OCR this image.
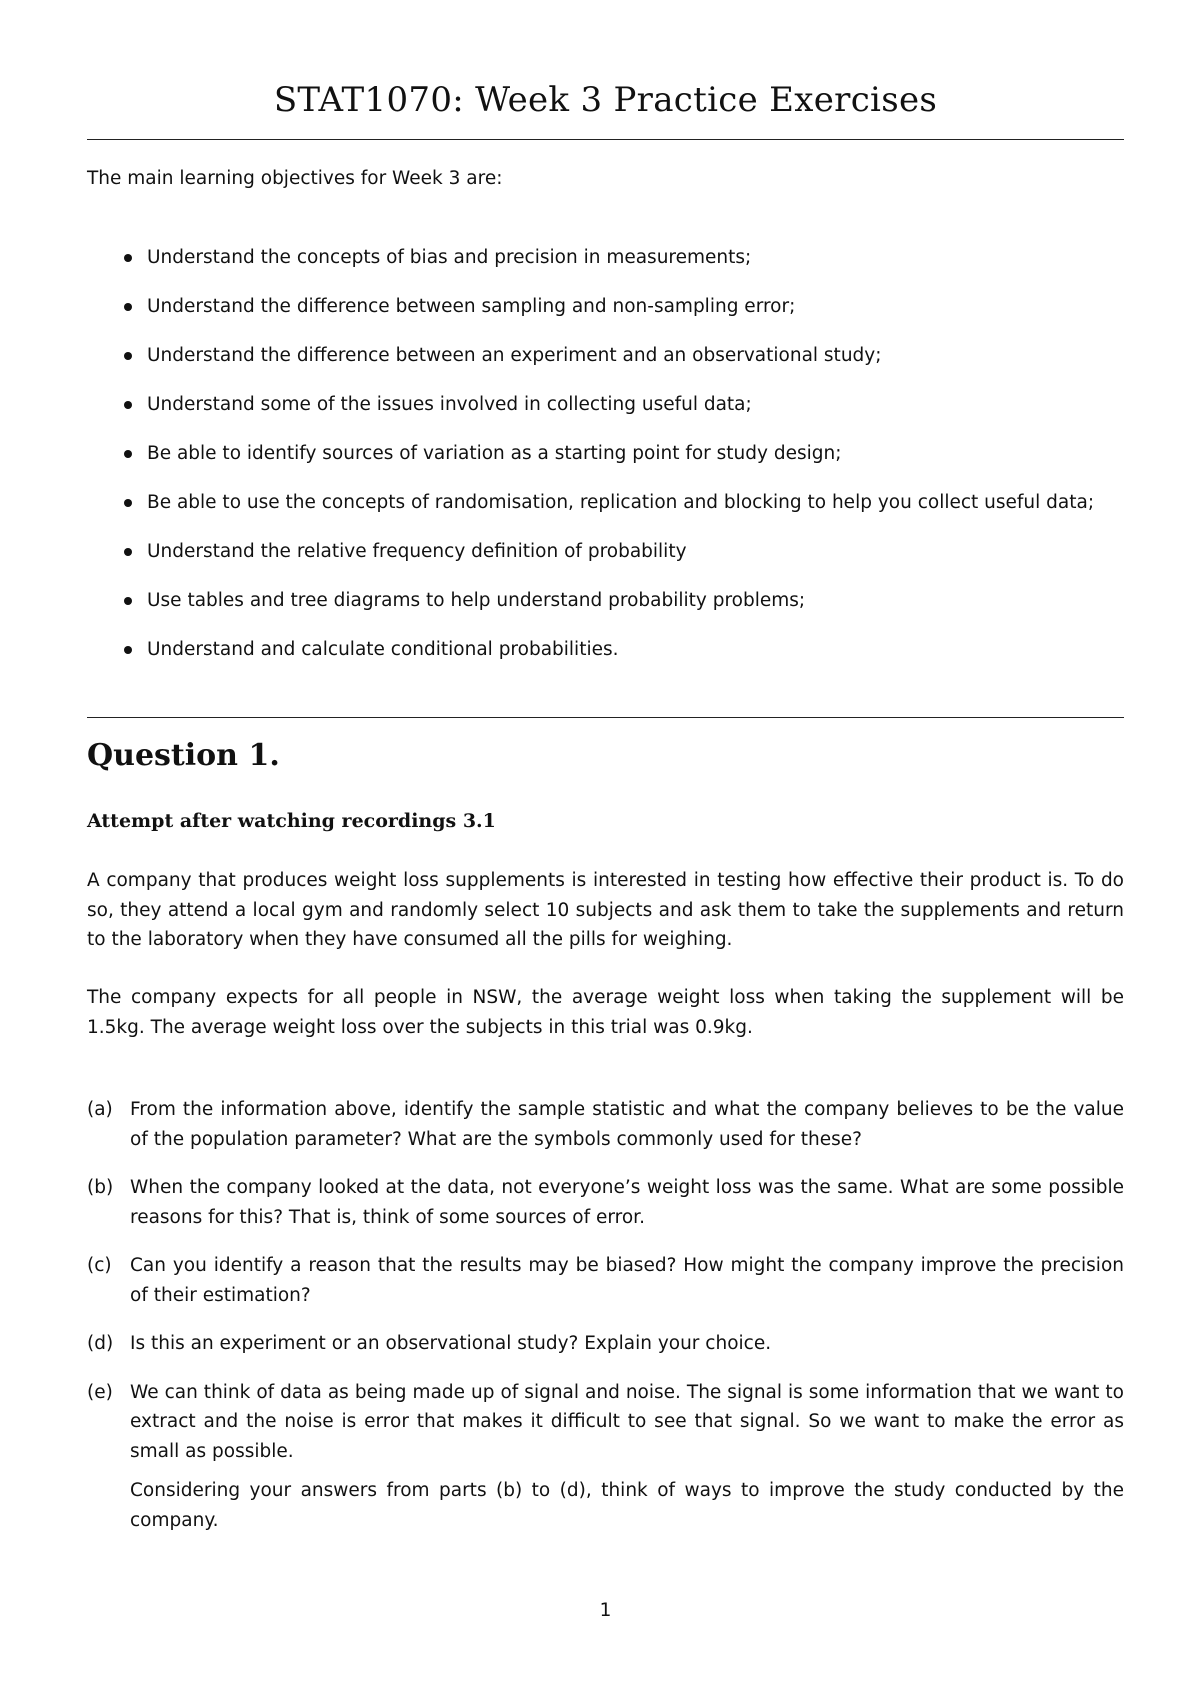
STAT1070: Week 3 Practice Exercises

The main learning objectives for Week 3 are:

Understand the concepts of bias and precision in measurements;
Understand the difference between sampling and non-sampling error;
Understand the difference between an experiment and an observational study;
Understand some of the issues involved in collecting useful data;
Be able to identify sources of variation as a starting point for study design;
Be able to use the concepts of randomisation, replication and blocking to help you collect useful data;
Understand the relative frequency definition of probability
Use tables and tree diagrams to help understand probability problems;
Understand and calculate conditional probabilities.
Question 1.
Attempt after watching recordings 3.1

A company that produces weight loss supplements is interested in testing how effective their product is. To do so, they attend a local gym and randomly select 10 subjects and ask them to take the supplements and return to the laboratory when they have consumed all the pills for weighing.

The company expects for all people in NSW, the average weight loss when taking the supplement will be 1.5kg. The average weight loss over the subjects in this trial was 0.9kg.

(a) From the information above, identify the sample statistic and what the company believes to be the value of the population parameter? What are the symbols commonly used for these?
(b) When the company looked at the data, not everyone’s weight loss was the same. What are some possible reasons for this? That is, think of some sources of error.
(c) Can you identify a reason that the results may be biased? How might the company improve the precision of their estimation?
(d) Is this an experiment or an observational study? Explain your choice.
(e) We can think of data as being made up of signal and noise. The signal is some information that we want to extract and the noise is error that makes it difficult to see that signal. So we want to make the error as small as possible.
Considering your answers from parts (b) to (d), think of ways to improve the study conducted by the company.

1
